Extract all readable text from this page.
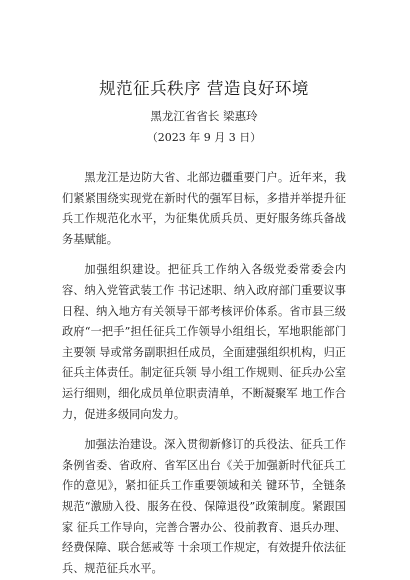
规范征兵秩序 营造良好环境
黑龙江省省长 梁惠玲
（2023 年 9 月 3 日）

黑龙江是边防大省、北部边疆重要门户。近年来，我们紧紧围绕实现党在新时代的强军目标，多措并举提升征兵工作规范化水平，为征集优质兵员、更好服务练兵备战务基赋能。

加强组织建设。把征兵工作纳入各级党委常委会内容、纳入党管武装工作 书记述职、纳入政府部门重要议事日程、纳入地方有关领导干部考核评价体系。省市县三级政府“一把手”担任征兵工作领导小组组长，军地职能部门主要领 导或常务副职担任成员，全面建强组织机构，归正征兵主体责任。制定征兵领 导小组工作规则、征兵办公室运行细则，细化成员单位职责清单，不断凝聚军 地工作合力，促进多级同向发力。

加强法治建设。深入贯彻新修订的兵役法、征兵工作条例省委、省政府、省军区出台《关于加强新时代征兵工作的意见》，紧扣征兵工作重要领域和关 键环节，全链条规范“激励入役、服务在役、保障退役”政策制度。紧跟国家 征兵工作导向，完善合署办公、役前教育、退兵办理、经费保障、联合惩戒等 十余项工作规定，有效提升依法征兵、规范征兵水平。
